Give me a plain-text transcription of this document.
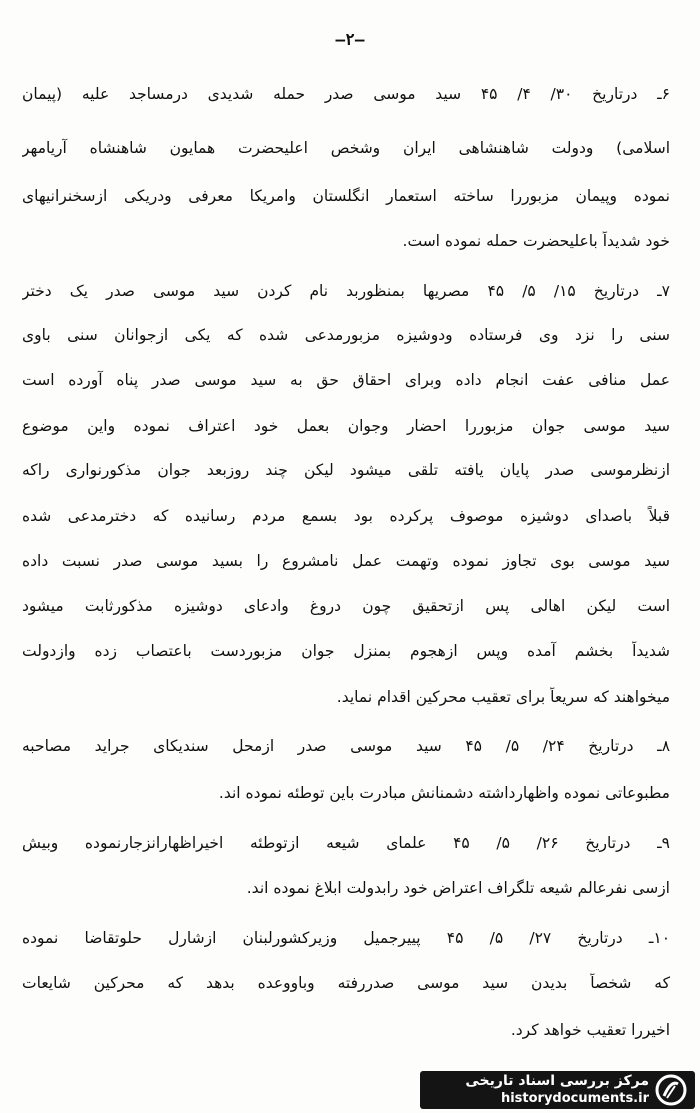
—٢—
۶ـ درتاریخ ٣٠/ ۴/ ۴۵ سید موسی صدر حمله شدیدی درمساجد علیه (پیمان
اسلامی) ودولت شاهنشاهی ایران وشخص اعلیحضرت همایون شاهنشاه آریامهر
نموده وپیمان مزبوررا ساخته استعمار انگلستان وامریکا معرفی ودریکی ازسخنرانیهای
خود شدیداً باعلیحضرت حمله نموده است.
۷ـ درتاریخ ١۵/ ۵/ ۴۵ مصریها بمنظوربد نام کردن سید موسی صدر یک دختر
سنی را نزد وی فرستاده ودوشیزه مزبورمدعی شده که یکی ازجوانان سنی باوی
عمل منافی عفت انجام داده وبرای احقاق حق به سید موسی صدر پناه آورده است
سید موسی جوان مزبوررا احضار وجوان بعمل خود اعتراف نموده واین موضوع
ازنظرموسی صدر پایان یافته تلقی میشود لیکن چند روزبعد جوان مذکورنواری راکه
قبلاً باصدای دوشیزه موصوف پرکرده بود بسمع مردم رسانیده که دخترمدعی شده
سید موسی بوی تجاوز نموده وتهمت عمل نامشروع را بسید موسی صدر نسبت داده
است لیکن اهالی پس ازتحقیق چون دروغ وادعای دوشیزه مذکورثابت میشود
شدیداً بخشم آمده وپس ازهجوم بمنزل جوان مزبوردست باعتصاب زده وازدولت
میخواهند که سریعاً برای تعقیب محرکین اقدام نماید.
۸ـ درتاریخ ٢۴/ ۵/ ۴۵ سید موسی صدر ازمحل سندیکای جراید مصاحبه
مطبوعاتی نموده واظهارداشته دشمنانش مبادرت باین توطئه نموده اند.
۹ـ درتاریخ ٢۶/ ۵/ ۴۵ علمای شیعه ازتوطئه اخیراظهارانزجارنموده وبیش
ازسی نفرعالم شیعه تلگراف اعتراض خود رابدولت ابلاغ نموده اند.
١٠ـ درتاریخ ٢٧/ ۵/ ۴۵ پییرجمیل وزیرکشورلبنان ازشارل حلوتقاضا نموده
که شخصاً بدیدن سید موسی صدررفته وباووعده بدهد که محرکین شایعات
اخیررا تعقیب خواهد کرد.
مرکز بررسی اسناد تاریخی
historydocuments.ir
